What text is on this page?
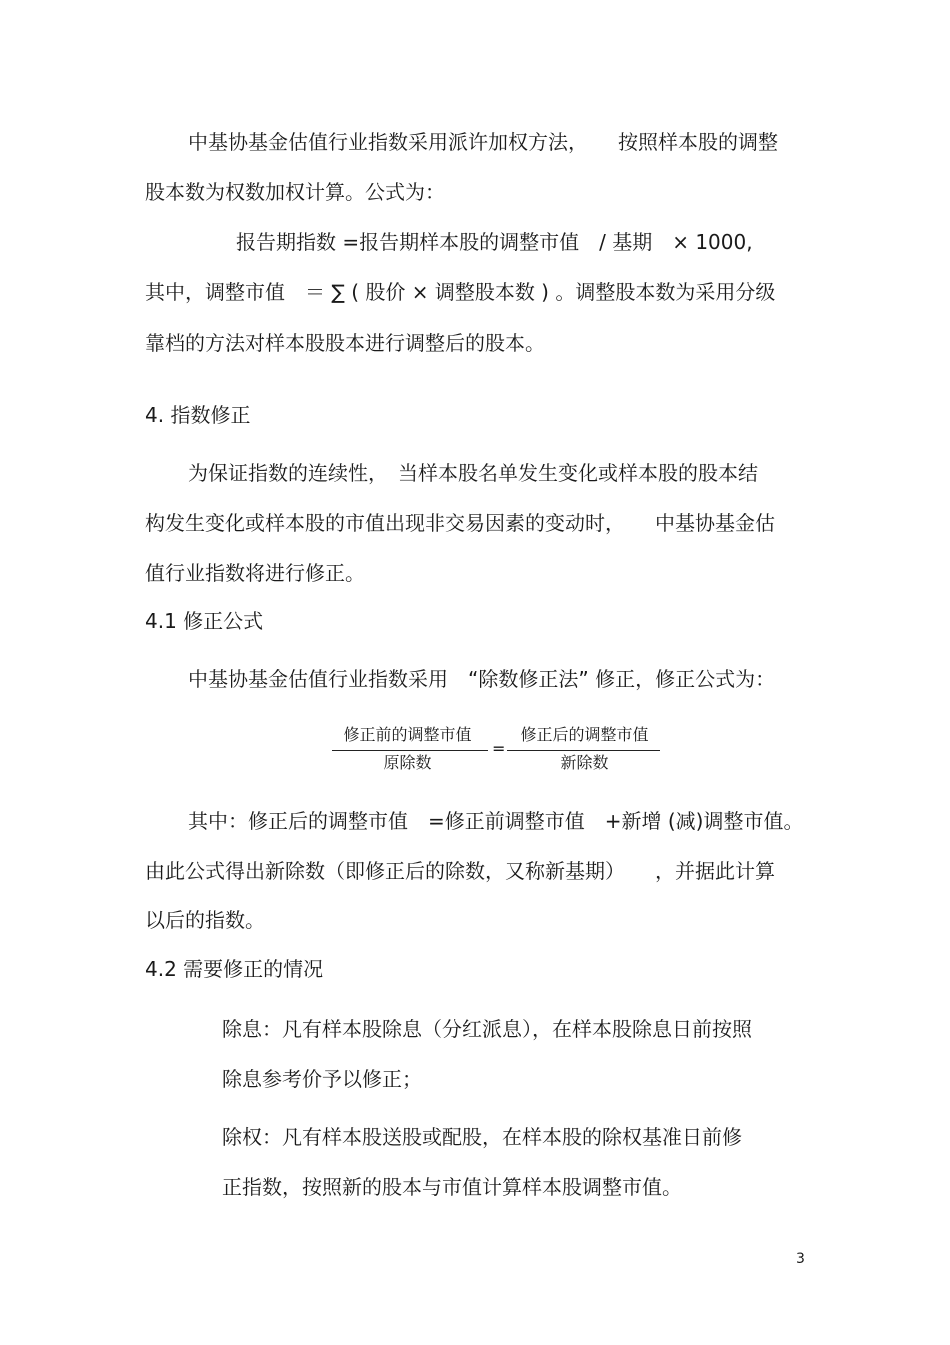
中基协基金估值行业指数采用派许加权方法，　　按照样本股的调整

股本数为权数加权计算。公式为：

报告期指数 =报告期样本股的调整市值　/ 基期　× 1000,

其中，调整市值　＝ ∑ ( 股价 × 调整股本数 ) 。调整股本数为采用分级

靠档的方法对样本股股本进行调整后的股本。

4. 指数修正

为保证指数的连续性，　当样本股名单发生变化或样本股的股本结

构发生变化或样本股的市值出现非交易因素的变动时，　　中基协基金估

值行业指数将进行修正。

4.1 修正公式

中基协基金估值行业指数采用　“除数修正法” 修正，修正公式为：

修正前的调整市值
原除数
=
修正后的调整市值
新除数

其中：修正后的调整市值　=修正前调整市值　+新增 (减)调整市值。

由此公式得出新除数（即修正后的除数，又称新基期）　　，并据此计算

以后的指数。

4.2 需要修正的情况

除息：凡有样本股除息（分红派息），在样本股除息日前按照

除息参考价予以修正；

除权：凡有样本股送股或配股，在样本股的除权基准日前修

正指数，按照新的股本与市值计算样本股调整市值。

3
